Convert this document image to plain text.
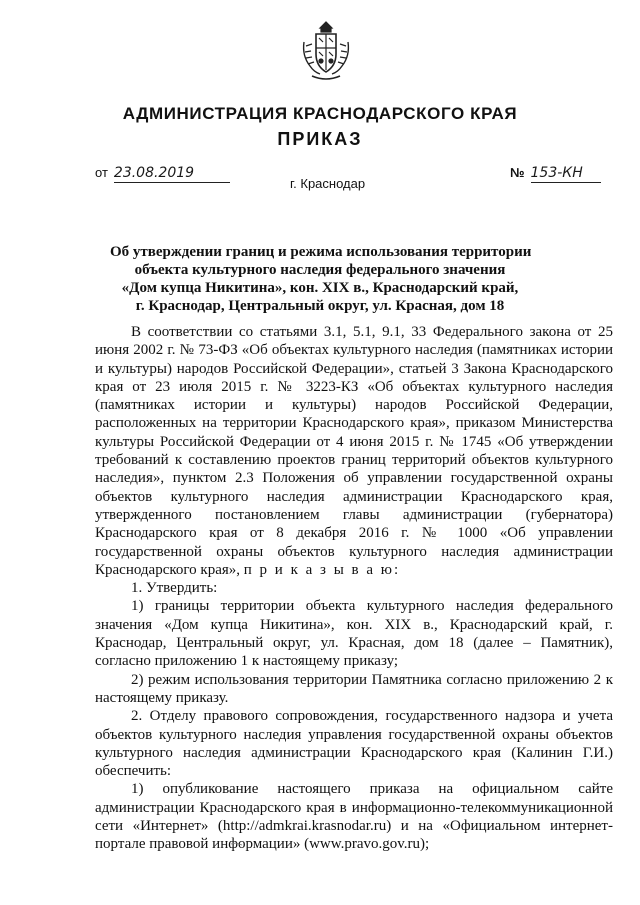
АДМИНИСТРАЦИЯ КРАСНОДАРСКОГО КРАЯ
ПРИКАЗ
от 23.08.2019	№ 153-КН
г. Краснодар
Об утверждении границ и режима использования территории
объекта культурного наследия федерального значения
«Дом купца Никитина», кон. XIX в., Краснодарский край,
г. Краснодар, Центральный округ, ул. Красная, дом 18

В соответствии со статьями 3.1, 5.1, 9.1, 33 Федерального закона от 25 июня 2002 г. № 73-ФЗ «Об объектах культурного наследия (памятниках истории и культуры) народов Российской Федерации», статьей 3 Закона Краснодарского края от 23 июля 2015 г. № 3223-КЗ «Об объектах культурного наследия (памятниках истории и культуры) народов Российской Федерации, расположенных на территории Краснодарского края», приказом Министерства культуры Российской Федерации от 4 июня 2015 г. № 1745 «Об утверждении требований к составлению проектов границ территорий объектов культурного наследия», пунктом 2.3 Положения об управлении государственной охраны объектов культурного наследия администрации Краснодарского края, утвержденного постановлением главы администрации (губернатора) Краснодарского края от 8 декабря 2016 г. № 1000 «Об управлении государственной охраны объектов культурного наследия администрации Краснодарского края», п р и к а з ы в а ю:

1. Утвердить:

1) границы территории объекта культурного наследия федерального значения «Дом купца Никитина», кон. XIX в., Краснодарский край, г. Краснодар, Центральный округ, ул. Красная, дом 18 (далее – Памятник), согласно приложению 1 к настоящему приказу;

2) режим использования территории Памятника согласно приложению 2 к настоящему приказу.

2. Отделу правового сопровождения, государственного надзора и учета объектов культурного наследия управления государственной охраны объектов культурного наследия администрации Краснодарского края (Калинин Г.И.) обеспечить:

1) опубликование настоящего приказа на официальном сайте администрации Краснодарского края в информационно-телекоммуникационной сети «Интернет» (http://admkrai.krasnodar.ru) и на «Официальном интернет-портале правовой информации» (www.pravo.gov.ru);
